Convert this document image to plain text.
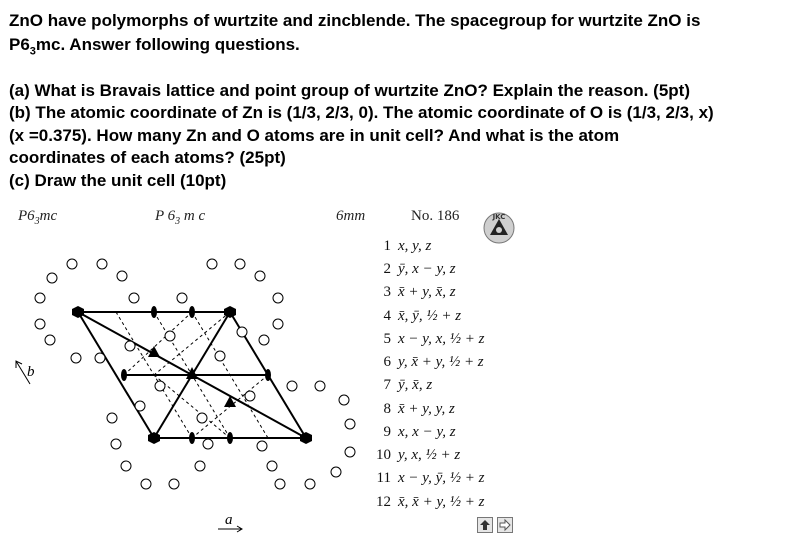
ZnO have polymorphs of wurtzite and zincblende. The spacegroup for wurtzite ZnO is
$P6_3mc$. Answer following questions.
(a) What is Bravais lattice and point group of wurtzite ZnO? Explain the reason. (5pt)
(b) The atomic coordinate of Zn is (1/3, 2/3, 0). The atomic coordinate of O is (1/3, 2/3, x)
(x =0.375). How many Zn and O atoms are in unit cell? And what is the atom
coordinates of each atoms? (25pt)
(c) Draw the unit cell (10pt)
$P6_3mc$	P $6_3$ m c	6mm	No. 186	JKC
b
a
1 x, y, z
2 ȳ, x − y, z
3 x̄ + y, x̄, z
4 x̄, ȳ, ½ + z
5 x − y, x, ½ + z
6 y, x̄ + y, ½ + z
7 ȳ, x̄, z
8 x̄ + y, y, z
9 x, x − y, z
10 y, x, ½ + z
11 x − y, ȳ, ½ + z
12 x̄, x̄ + y, ½ + z
